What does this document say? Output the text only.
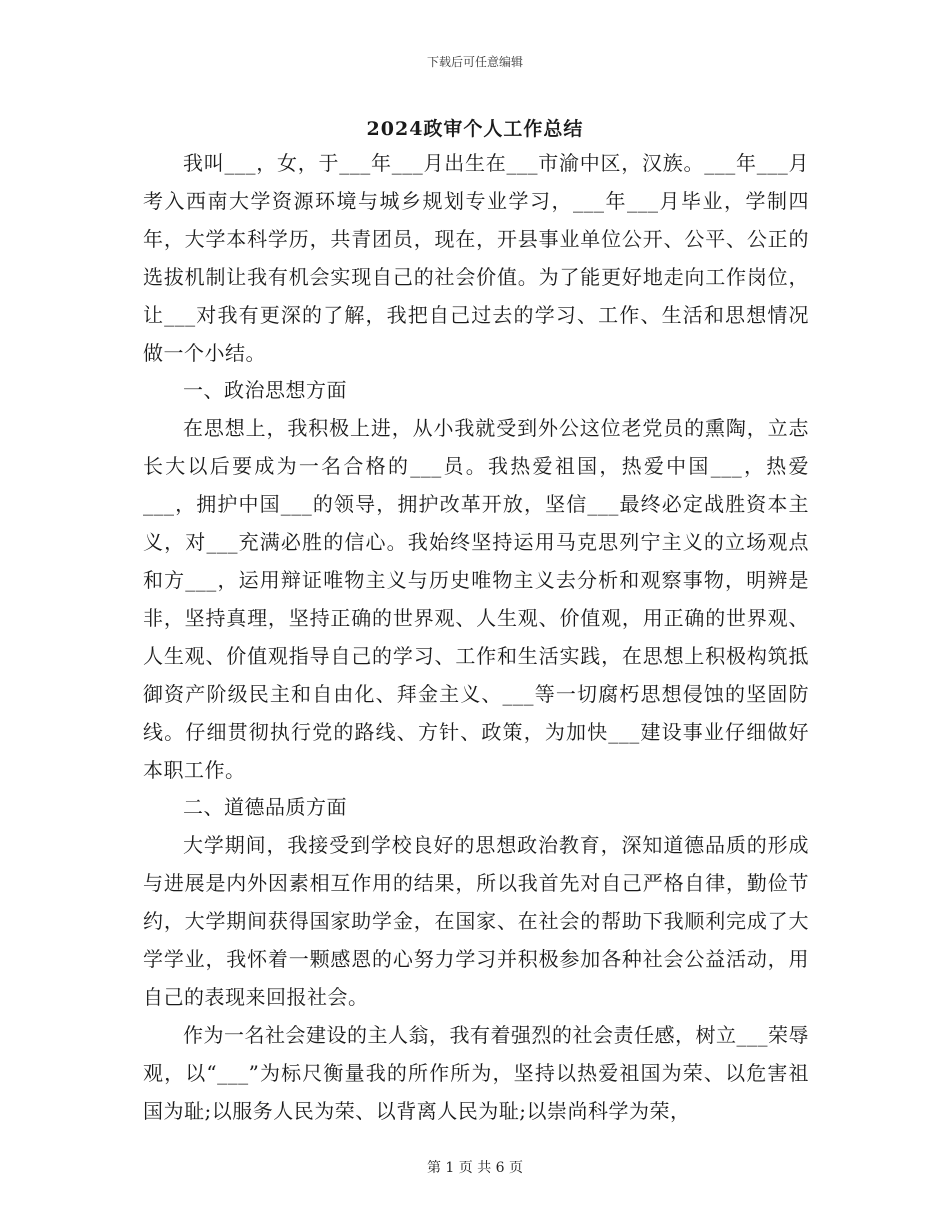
下载后可任意编辑
2024政审个人工作总结

我叫___，女，于___年___月出生在___市渝中区，汉族。___年___月考入西南大学资源环境与城乡规划专业学习，___年___月毕业，学制四年，大学本科学历，共青团员，现在，开县事业单位公开、公平、公正的选拔机制让我有机会实现自己的社会价值。为了能更好地走向工作岗位，让___对我有更深的了解，我把自己过去的学习、工作、生活和思想情况做一个小结。

一、政治思想方面

在思想上，我积极上进，从小我就受到外公这位老党员的熏陶，立志长大以后要成为一名合格的___员。我热爱祖国，热爱中国___，热爱___，拥护中国___的领导，拥护改革开放，坚信___最终必定战胜资本主义，对___充满必胜的信心。我始终坚持运用马克思列宁主义的立场观点和方___，运用辩证唯物主义与历史唯物主义去分析和观察事物，明辨是非，坚持真理，坚持正确的世界观、人生观、价值观，用正确的世界观、人生观、价值观指导自己的学习、工作和生活实践，在思想上积极构筑抵御资产阶级民主和自由化、拜金主义、___等一切腐朽思想侵蚀的坚固防线。仔细贯彻执行党的路线、方针、政策，为加快___建设事业仔细做好本职工作。

二、道德品质方面

大学期间，我接受到学校良好的思想政治教育，深知道德品质的形成与进展是内外因素相互作用的结果，所以我首先对自己严格自律，勤俭节约，大学期间获得国家助学金，在国家、在社会的帮助下我顺利完成了大学学业，我怀着一颗感恩的心努力学习并积极参加各种社会公益活动，用自己的表现来回报社会。

作为一名社会建设的主人翁，我有着强烈的社会责任感，树立___荣辱观，以“___”为标尺衡量我的所作所为，坚持以热爱祖国为荣、以危害祖国为耻;以服务人民为荣、以背离人民为耻;以崇尚科学为荣，

第 1 页 共 6 页
